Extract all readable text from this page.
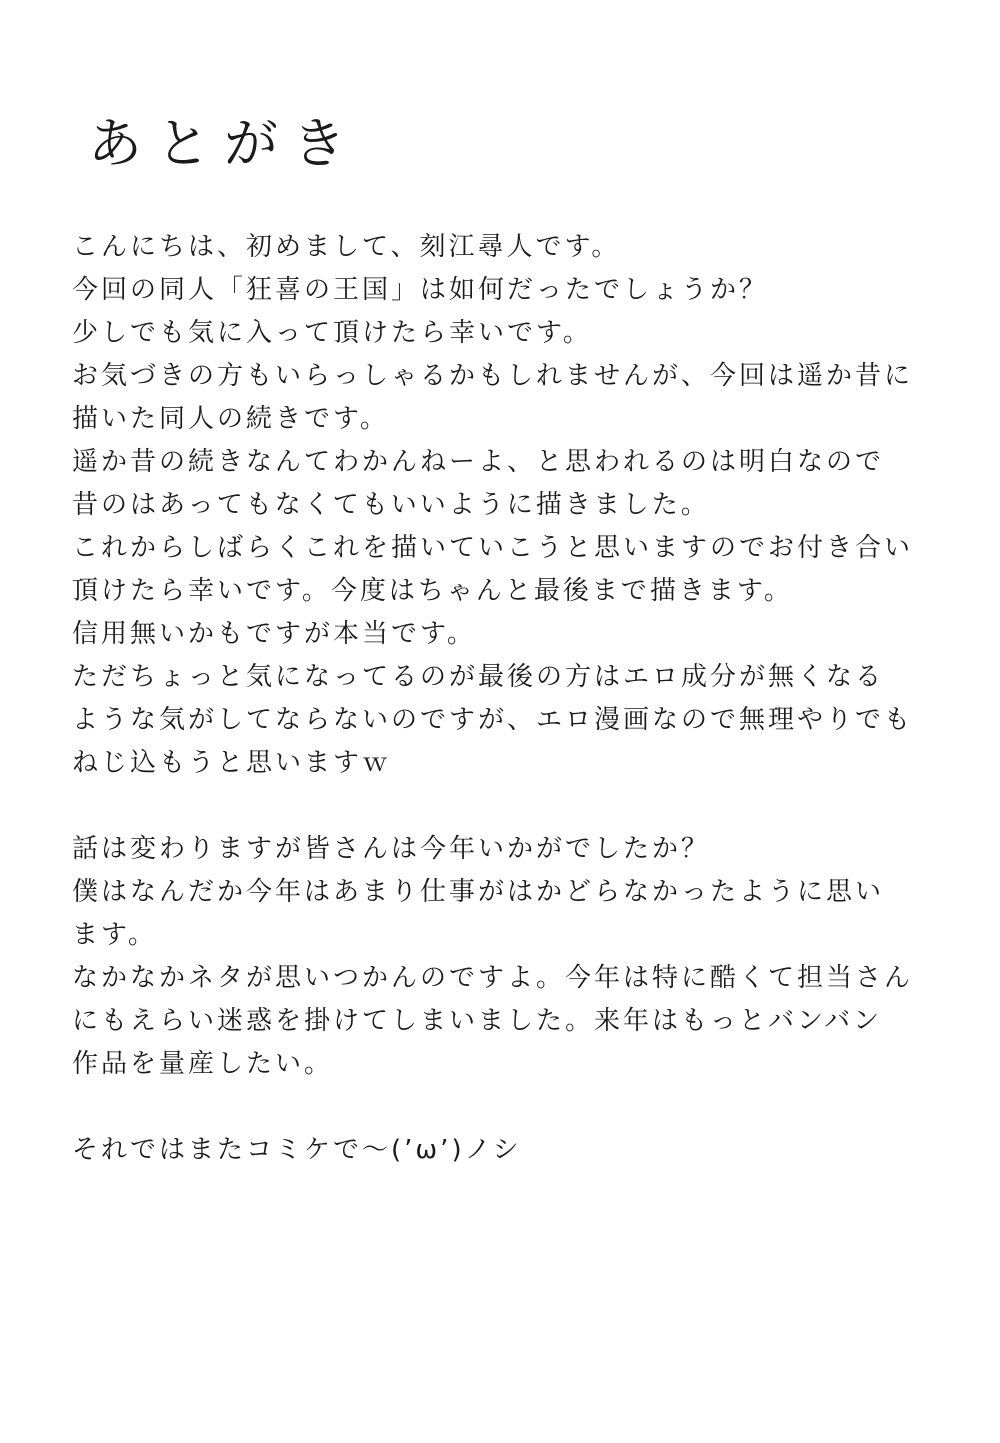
あとがき
こんにちは、初めまして、刻江尋人です。
今回の同人「狂喜の王国」は如何だったでしょうか？
少しでも気に入って頂けたら幸いです。
お気づきの方もいらっしゃるかもしれませんが、今回は遥か昔に
描いた同人の続きです。
遥か昔の続きなんてわかんねーよ、と思われるのは明白なので
昔のはあってもなくてもいいように描きました。
これからしばらくこれを描いていこうと思いますのでお付き合い
頂けたら幸いです。今度はちゃんと最後まで描きます。
信用無いかもですが本当です。
ただちょっと気になってるのが最後の方はエロ成分が無くなる
ような気がしてならないのですが、エロ漫画なので無理やりでも
ねじ込もうと思いますｗ
話は変わりますが皆さんは今年いかがでしたか？
僕はなんだか今年はあまり仕事がはかどらなかったように思い
ます。
なかなかネタが思いつかんのですよ。今年は特に酷くて担当さん
にもえらい迷惑を掛けてしまいました。来年はもっとバンバン
作品を量産したい。
それではまたコミケで～(’ω’)ノシ
